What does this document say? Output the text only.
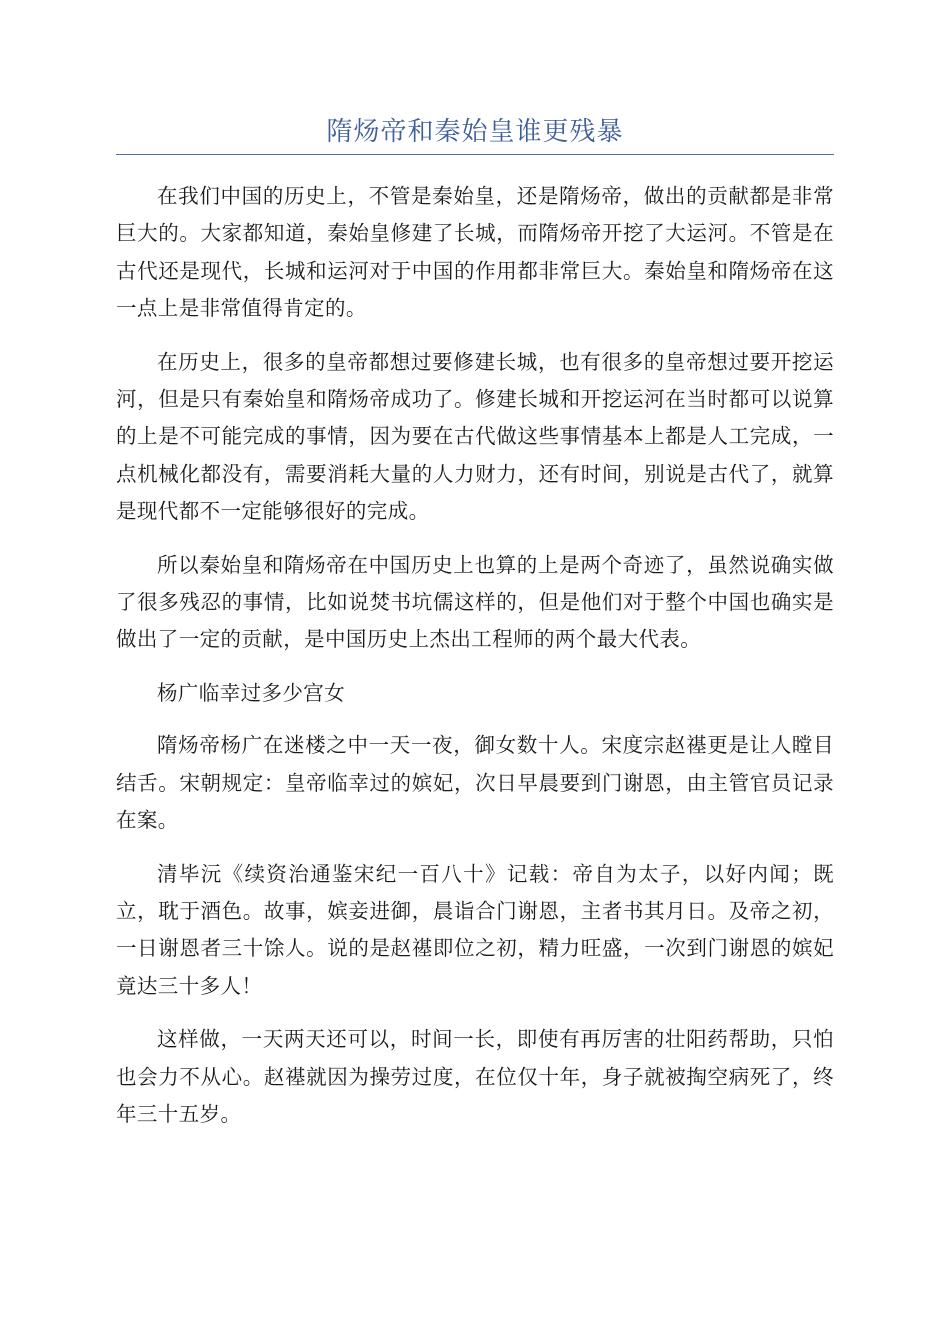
隋炀帝和秦始皇谁更残暴

在我们中国的历史上，不管是秦始皇，还是隋炀帝，做出的贡献都是非常巨大的。大家都知道，秦始皇修建了长城，而隋炀帝开挖了大运河。不管是在古代还是现代，长城和运河对于中国的作用都非常巨大。秦始皇和隋炀帝在这一点上是非常值得肯定的。

在历史上，很多的皇帝都想过要修建长城，也有很多的皇帝想过要开挖运河，但是只有秦始皇和隋炀帝成功了。修建长城和开挖运河在当时都可以说算的上是不可能完成的事情，因为要在古代做这些事情基本上都是人工完成，一点机械化都没有，需要消耗大量的人力财力，还有时间，别说是古代了，就算是现代都不一定能够很好的完成。

所以秦始皇和隋炀帝在中国历史上也算的上是两个奇迹了，虽然说确实做了很多残忍的事情，比如说焚书坑儒这样的，但是他们对于整个中国也确实是做出了一定的贡献，是中国历史上杰出工程师的两个最大代表。

杨广临幸过多少宫女

隋炀帝杨广在迷楼之中一天一夜，御女数十人。宋度宗赵禥更是让人瞠目结舌。宋朝规定：皇帝临幸过的嫔妃，次日早晨要到门谢恩，由主管官员记录在案。

清毕沅《续资治通鉴宋纪一百八十》记载：帝自为太子，以好内闻；既立，耽于酒色。故事，嫔妾进御，晨诣合门谢恩，主者书其月日。及帝之初，一日谢恩者三十馀人。说的是赵禥即位之初，精力旺盛，一次到门谢恩的嫔妃竟达三十多人！

这样做，一天两天还可以，时间一长，即使有再厉害的壮阳药帮助，只怕也会力不从心。赵禥就因为操劳过度，在位仅十年，身子就被掏空病死了，终年三十五岁。
